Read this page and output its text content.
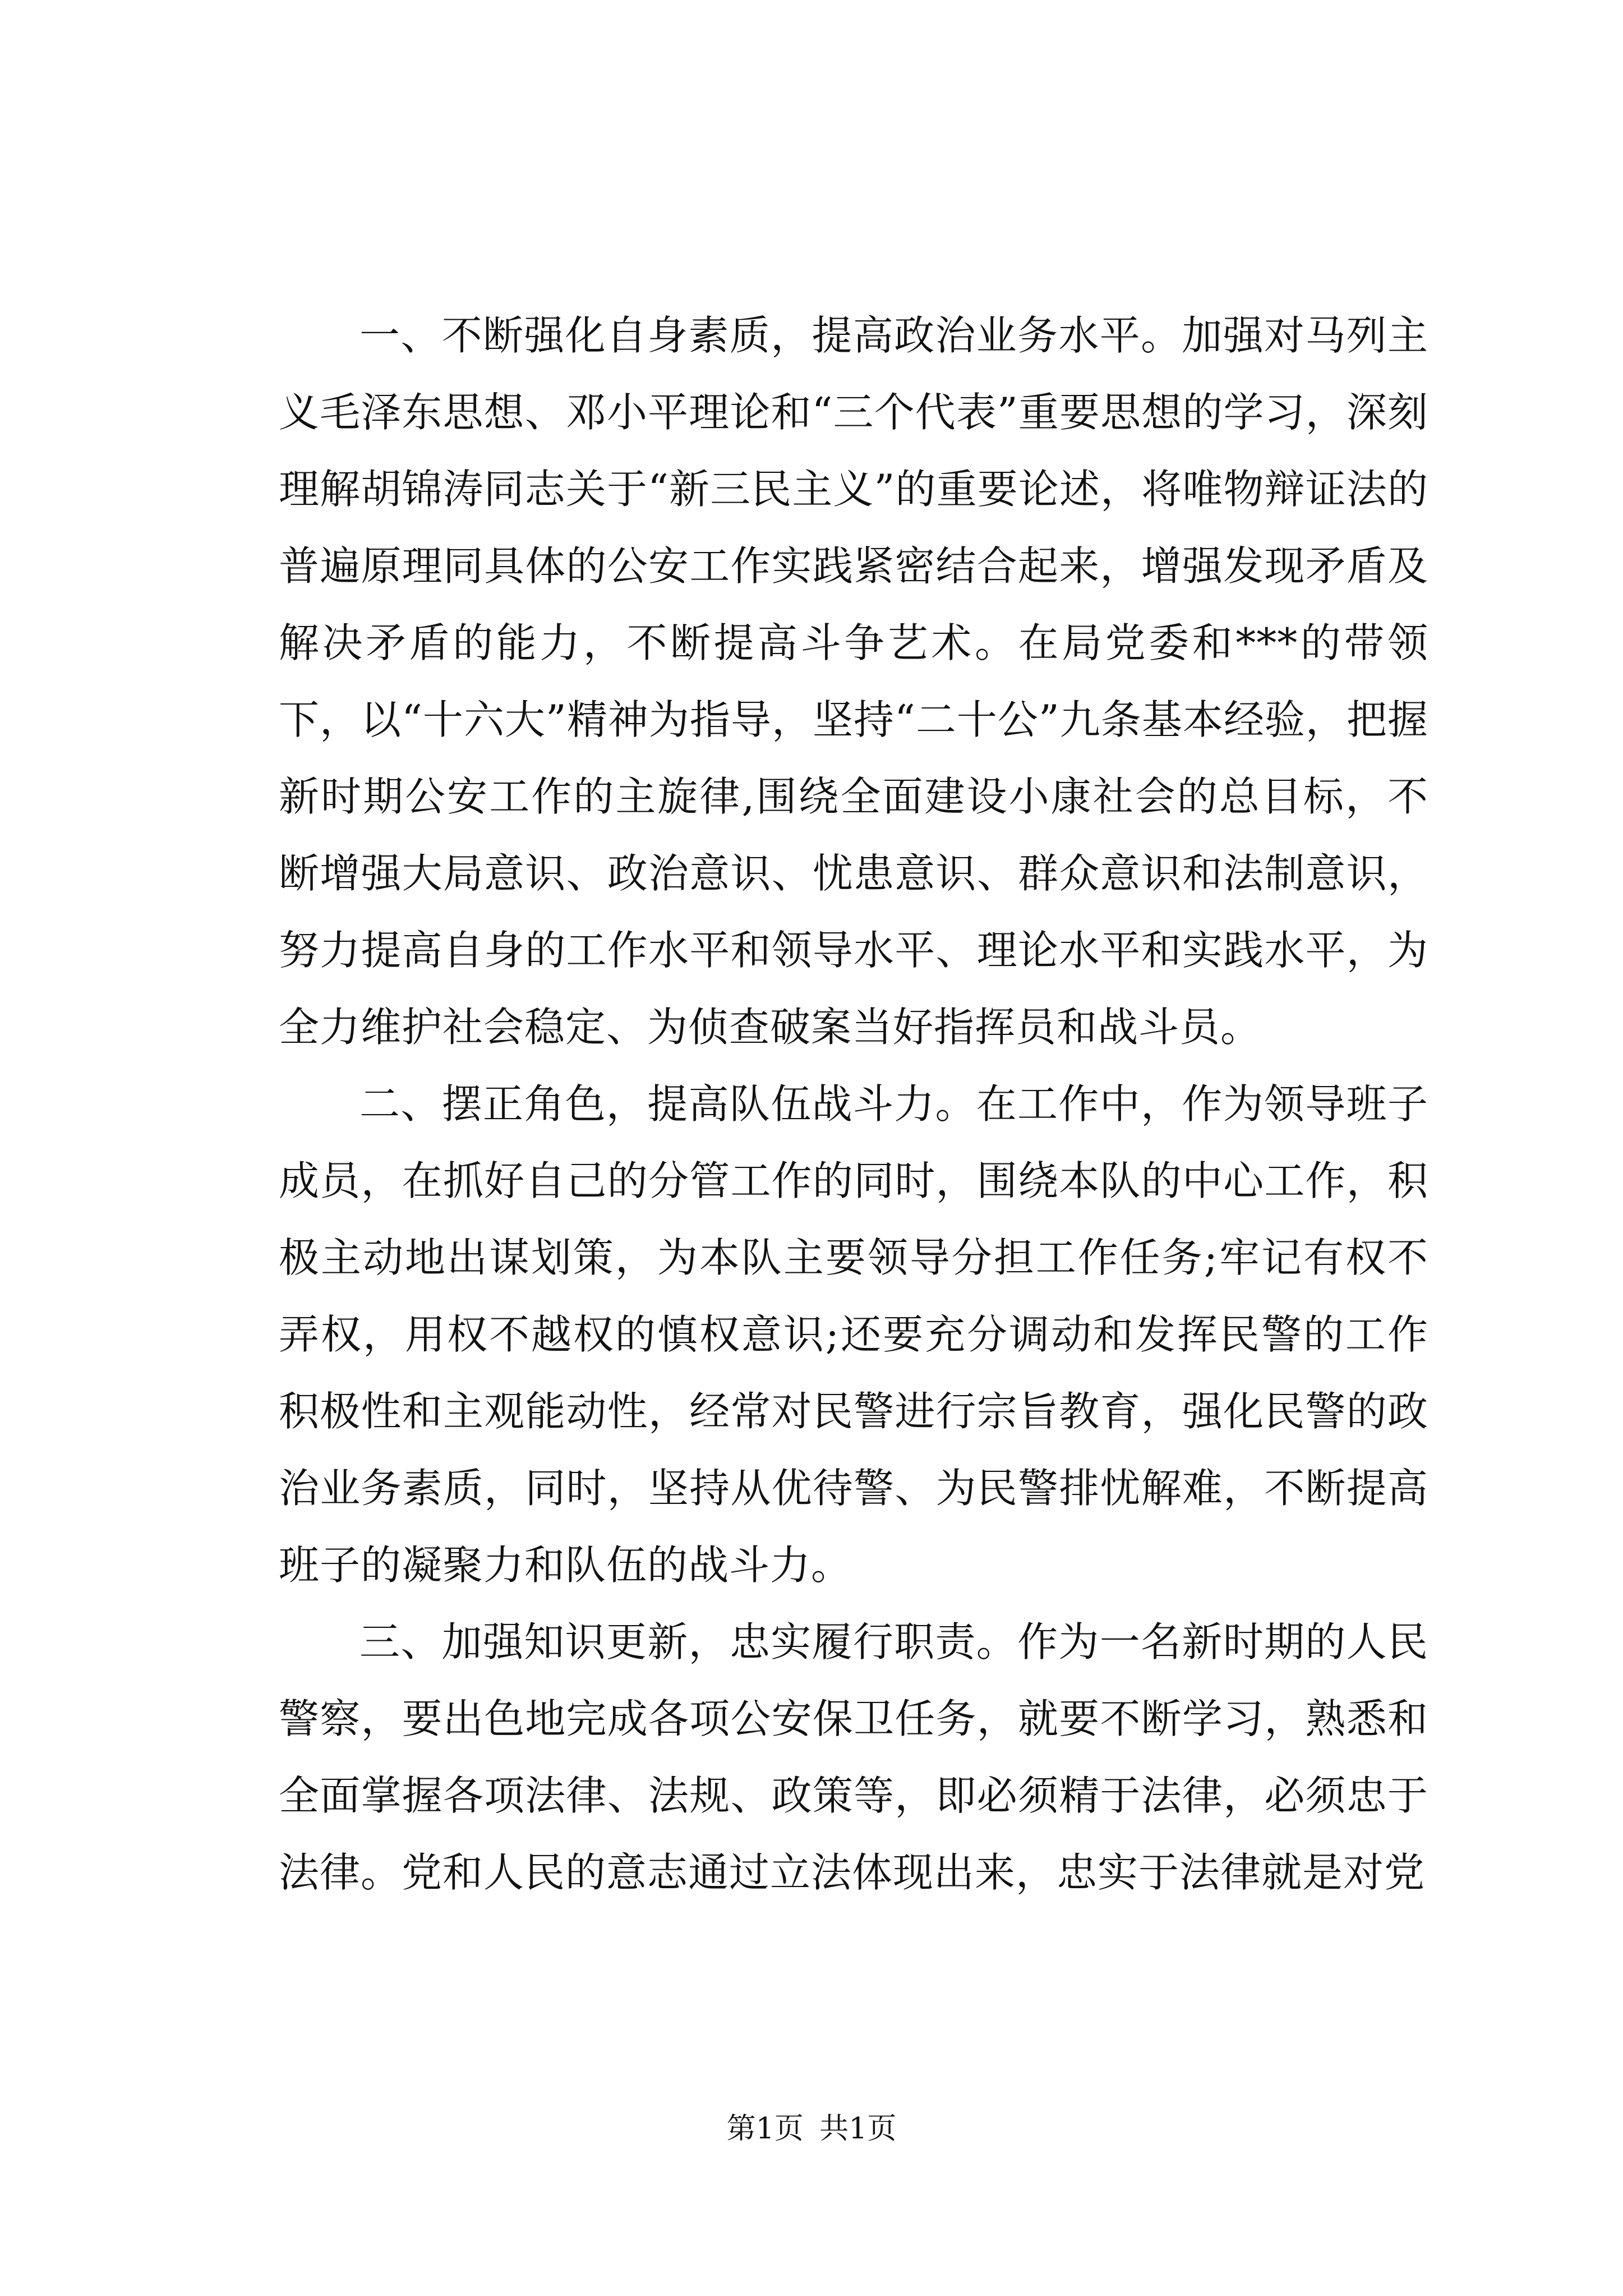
一、不断强化自身素质，提高政治业务水平。加强对马列主义毛泽东思想、邓小平理论和“三个代表”重要思想的学习，深刻理解胡锦涛同志关于“新三民主义”的重要论述，将唯物辩证法的普遍原理同具体的公安工作实践紧密结合起来，增强发现矛盾及解决矛盾的能力，不断提高斗争艺术。在局党委和***的带领下，以“十六大”精神为指导，坚持“二十公”九条基本经验，把握新时期公安工作的主旋律,围绕全面建设小康社会的总目标，不断增强大局意识、政治意识、忧患意识、群众意识和法制意识，努力提高自身的工作水平和领导水平、理论水平和实践水平，为全力维护社会稳定、为侦查破案当好指挥员和战斗员。

二、摆正角色，提高队伍战斗力。在工作中，作为领导班子成员，在抓好自己的分管工作的同时，围绕本队的中心工作，积极主动地出谋划策，为本队主要领导分担工作任务;牢记有权不弄权，用权不越权的慎权意识;还要充分调动和发挥民警的工作积极性和主观能动性，经常对民警进行宗旨教育，强化民警的政治业务素质，同时，坚持从优待警、为民警排忧解难，不断提高班子的凝聚力和队伍的战斗力。

三、加强知识更新，忠实履行职责。作为一名新时期的人民警察，要出色地完成各项公安保卫任务，就要不断学习，熟悉和全面掌握各项法律、法规、政策等，即必须精于法律，必须忠于法律。党和人民的意志通过立法体现出来，忠实于法律就是对党

第1页 共1页
